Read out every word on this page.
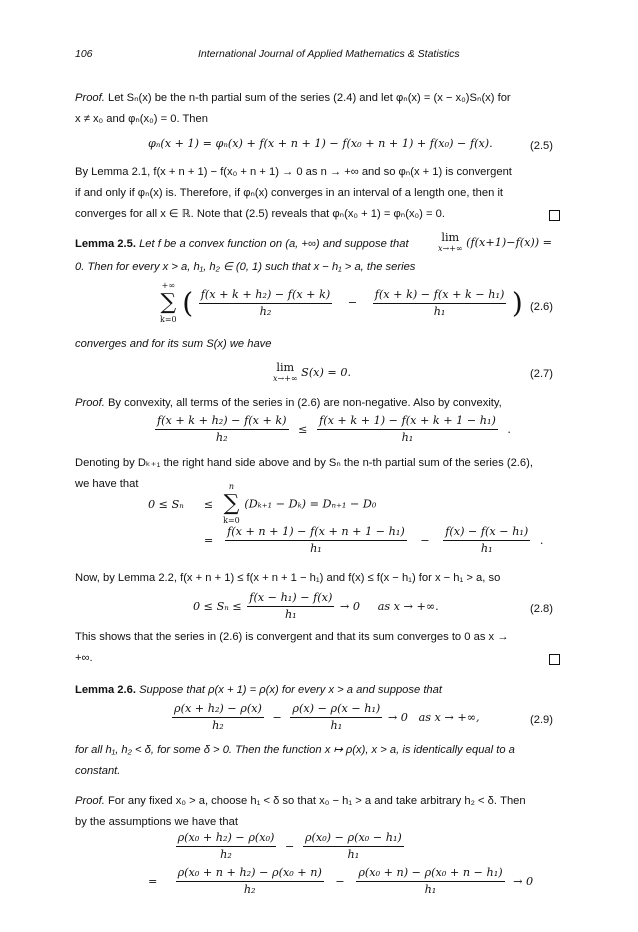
106	International Journal of Applied Mathematics & Statistics
Proof. Let Sₙ(x) be the n-th partial sum of the series (2.4) and let φₙ(x) = (x − x₀)Sₙ(x) for
x ≠ x₀ and φₙ(x₀) = 0. Then
φₙ(x + 1) = φₙ(x) + f(x + n + 1) − f(x₀ + n + 1) + f(x₀) − f(x).	(2.5)
By Lemma 2.1, f(x + n + 1) − f(x₀ + n + 1) → 0 as n → +∞ and so φₙ(x + 1) is convergent
if and only if φₙ(x) is. Therefore, if φₙ(x) converges in an interval of a length one, then it
converges for all x ∈ ℝ. Note that (2.5) reveals that φₙ(x₀ + 1) = φₙ(x₀) = 0.
Lemma 2.5. Let f be a convex function on (a, +∞) and suppose that	lim
x→+∞ (f(x+1)−f(x)) =
0. Then for every x > a, h₁, h₂ ∈ (0, 1) such that x − h₁ > a, the series
+∞
∑
k=0 ( $\frac{\text{f(x + k + h₂) − f(x + k)}}{\text{h₂}} - \frac{\text{f(x + k) − f(x + k − h₁)}}{\text{h₁}}$ ) (2.6)
converges and for its sum S(x) we have
lim
x→+∞ S(x) = 0.	(2.7)
Proof. By convexity, all terms of the series in (2.6) are non-negative. Also by convexity,
$\frac{\text{f(x + k + h₂) − f(x + k)}}{\text{h₂}} \le \frac{\text{f(x + k + 1) − f(x + k + 1 − h₁)}}{\text{h₁}}$ .
Denoting by Dₖ₊₁ the right hand side above and by Sₙ the n-th partial sum of the series (2.6),
we have that
0 ≤ Sₙ ≤
n
∑
k=0
(Dₖ₊₁ − Dₖ) = Dₙ₊₁ − D₀
= $\frac{\text{f(x + n + 1) − f(x + n + 1 − h₁)}}{\text{h₁}} - \frac{\text{f(x) − f(x − h₁)}}{\text{h₁}}$ .
Now, by Lemma 2.2, f(x + n + 1) ≤ f(x + n + 1 − h₁) and f(x) ≤ f(x − h₁) for x − h₁ > a, so
$0 \le S_n \le \frac{\text{f(x − h₁) − f(x)}}{\text{h₁}} \to 0$     as x → +∞.	(2.8)
This shows that the series in (2.6) is convergent and that its sum converges to 0 as x →
+∞.
Lemma 2.6. Suppose that ρ(x + 1) = ρ(x) for every x > a and suppose that
$\frac{\text{ρ(x + h₂) − ρ(x)}}{\text{h₂}} - \frac{\text{ρ(x) − ρ(x − h₁)}}{\text{h₁}} \to 0$   as x → +∞,	(2.9)
for all h₁, h₂ < δ, for some δ > 0. Then the function x ↦ ρ(x), x > a, is identically equal to a
constant.
Proof. For any fixed x₀ > a, choose h₁ < δ so that x₀ − h₁ > a and take arbitrary h₂ < δ. Then
by the assumptions we have that

$\frac{\text{ρ(x₀ + h₂) − ρ(x₀)}}{\text{h₂}} - \frac{\text{ρ(x₀) − ρ(x₀ − h₁)}}{\text{h₁}}$
= $\frac{\text{ρ(x₀ + n + h₂) − ρ(x₀ + n)}}{\text{h₂}} - \frac{\text{ρ(x₀ + n) − ρ(x₀ + n − h₁)}}{\text{h₁}} \to 0$
